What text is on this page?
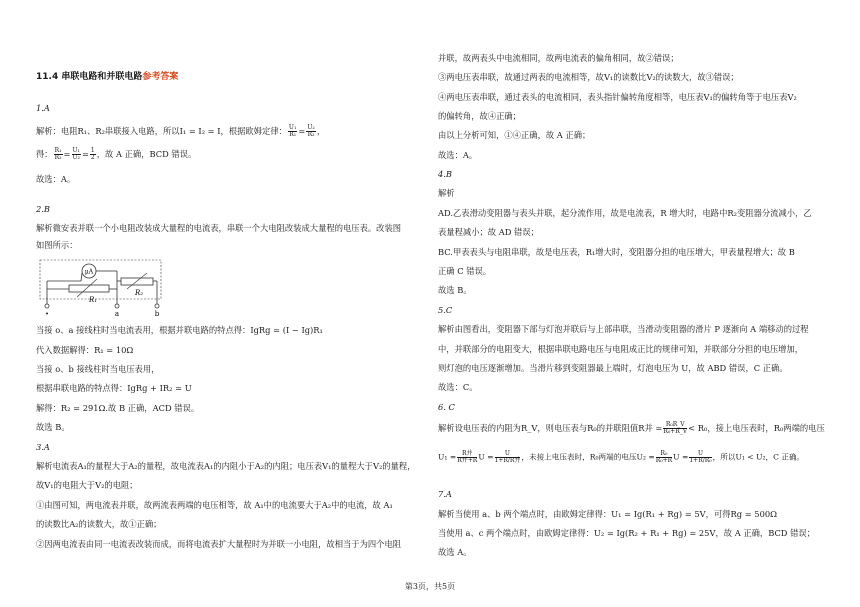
11.4 串联电路和并联电路参考答案
1.A
解析：电阻R₁、R₂串联接入电路，所以I₁ = I₂ = I，根据欧姆定律： $\frac{\text{U₁}}{\text{R₁}} = \frac{\text{U₂}}{\text{R₂}}$ ，
得： $\frac{\text{R₁}}{\text{R₂}} = \frac{\text{U₁}}{\text{U₂}} = \frac{1}{2}$ ，故 A 正确，BCD 错误。
故选：A。
2.B
解析微安表并联一个小电阻改装成大量程的电流表，串联一个大电阻改装成大量程的电压表。改装图
如图所示：
μA
R₁
R₂
•	a	b
当接 o、a 接线柱时当电流表用，根据并联电路的特点得：IgRg = (I − Ig)R₁
代入数据解得：R₁ = 10Ω
当接 o、b 接线柱时当电压表用，
根据串联电路的特点得：IgRg + IR₂ = U
解得：R₂ = 291Ω.故 B 正确，ACD 错误。
故选 B。
3.A
解析电流表A₁的量程大于A₂的量程，故电流表A₁的内阻小于A₂的内阻；电压表V₁的量程大于V₂的量程，
故V₁的电阻大于V₂的电阻；
①由图可知，两电流表并联，故两流表两端的电压相等，故 A₁中的电流要大于A₂中的电流，故 A₁
的读数比A₂的读数大，故①正确；
②因两电流表由同一电流表改装而成，而将电流表扩大量程时为并联一小电阻，故相当于为四个电阻
并联，故两表头中电流相同，故两电流表的偏角相同，故②错误；
③两电压表串联，故通过两表的电流相等，故V₁的读数比V₂的读数大，故③错误；
④两电压表串联，通过表头的电流相同，表头指针偏转角度相等，电压表V₁的偏转角等于电压表V₂
的偏转角，故④正确；
由以上分析可知，①④正确，故 A 正确；
故选：A。
4.B
解析
AD.乙表滑动变阻器与表头并联，起分流作用，故是电流表，R 增大时，电路中R₂变阻器分流减小，乙
表量程减小；故 AD 错误；
BC.甲表表头与电阻串联，故是电压表，R₁增大时，变阻器分担的电压增大，甲表量程增大；故 B
正确 C 错误。
故选 B。
5.C
解析由图看出，变阻器下部与灯泡并联后与上部串联，当滑动变阻器的滑片 P 逐渐向 A 端移动的过程
中，并联部分的电阻变大，根据串联电路电压与电阻成正比的规律可知，并联部分分担的电压增加，
则灯泡的电压逐渐增加。当滑片移到变阻器最上端时，灯泡电压为 U，故 ABD 错误，C 正确。
故选：C。
6. C
解析设电压表的内阻为R_V，则电压表与R₀的并联阻值R并 = $\frac{\text{R₀R\_V}}{\text{R₀+R\_V}} < R_0$，接上电压表时，R₀两端的电压
$U_1 = \frac{\text{R并}}{\text{R并+R}}$ $U = \frac{U}{\text{1+R/R并}}$ ，未接上电压表时，R₀两端的电压$U_2 = \frac{\text{R₀}}{\text{R₀+R}}$ $U = \frac{U}{\text{1+R/R₀}}$ ，所以U₁ < U₂，C 正确。
7.A
解析当使用 a、b 两个端点时，由欧姆定律得：U₁ = Ig(R₁ + Rg) = 5V，可得Rg = 500Ω
当使用 a、c 两个端点时，由欧姆定律得：U₂ = Ig(R₂ + R₁ + Rg) = 25V，故 A 正确，BCD 错误；
故选 A。
第3页，共5页
